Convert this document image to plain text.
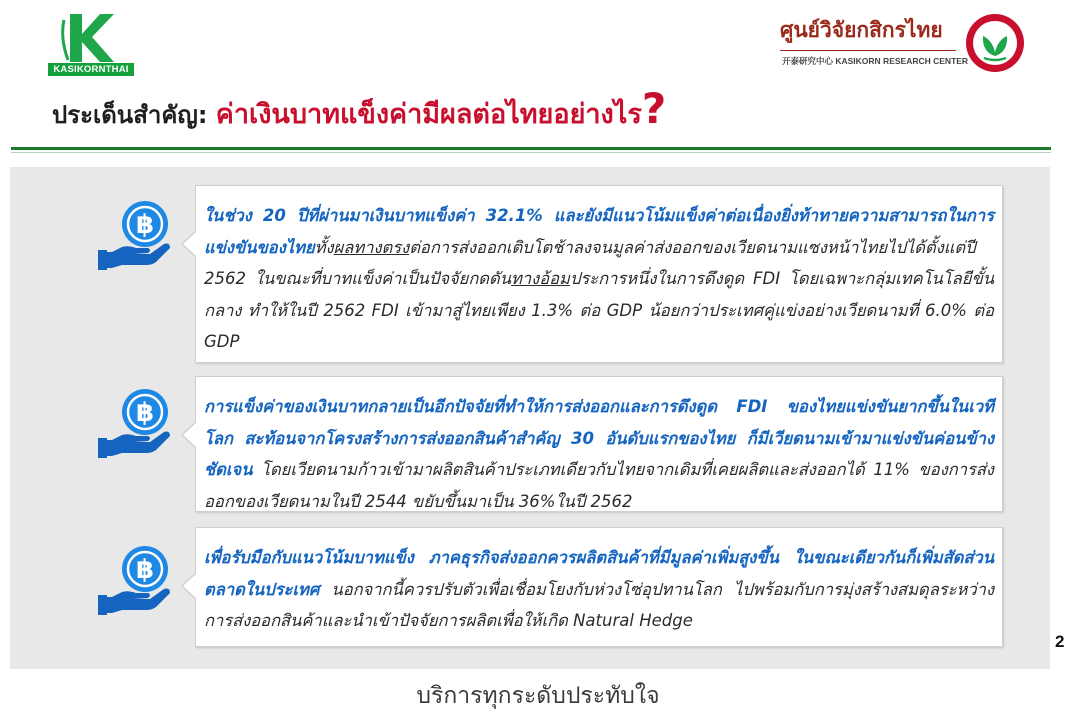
KASIKORNTHAI
ศูนย์วิจัยกสิกรไทย
开泰研究中心 KASIKORN RESEARCH CENTER
ประเด็นสำคัญ: ค่าเงินบาทแข็งค่ามีผลต่อไทยอย่างไร?
฿
฿
฿
ในช่วง 20 ปีที่ผ่านมาเงินบาทแข็งค่า 32.1% และยังมีแนวโน้มแข็งค่าต่อเนื่องยิ่งท้าทายความสามารถในการแข่งขันของไทยทั้งผลทางตรงต่อการส่งออกเติบโตช้าลงจนมูลค่าส่งออกของเวียดนามแซงหน้าไทยไปได้ตั้งแต่ปี 2562 ในขณะที่บาทแข็งค่าเป็นปัจจัยกดดันทางอ้อมประการหนึ่งในการดึงดูด FDI โดยเฉพาะกลุ่มเทคโนโลยีขั้นกลาง ทำให้ในปี 2562 FDI เข้ามาสู่ไทยเพียง 1.3% ต่อ GDP น้อยกว่าประเทศคู่แข่งอย่างเวียดนามที่ 6.0% ต่อ GDP
การแข็งค่าของเงินบาทกลายเป็นอีกปัจจัยที่ทำให้การส่งออกและการดึงดูด FDI ของไทยแข่งขันยากขึ้นในเวทีโลก สะท้อนจากโครงสร้างการส่งออกสินค้าสำคัญ 30 อันดับแรกของไทย ก็มีเวียดนามเข้ามาแข่งขันค่อนข้างชัดเจน โดยเวียดนามก้าวเข้ามาผลิตสินค้าประเภทเดียวกับไทยจากเดิมที่เคยผลิตและส่งออกได้ 11% ของการส่งออกของเวียดนามในปี 2544 ขยับขึ้นมาเป็น 36%ในปี 2562
เพื่อรับมือกับแนวโน้มบาทแข็ง ภาคธุรกิจส่งออกควรผลิตสินค้าที่มีมูลค่าเพิ่มสูงขึ้น ในขณะเดียวกันก็เพิ่มสัดส่วนตลาดในประเทศ นอกจากนี้ควรปรับตัวเพื่อเชื่อมโยงกับห่วงโซ่อุปทานโลก ไปพร้อมกับการมุ่งสร้างสมดุลระหว่างการส่งออกสินค้าและนำเข้าปัจจัยการผลิตเพื่อให้เกิด Natural Hedge
2
บริการทุกระดับประทับใจ
